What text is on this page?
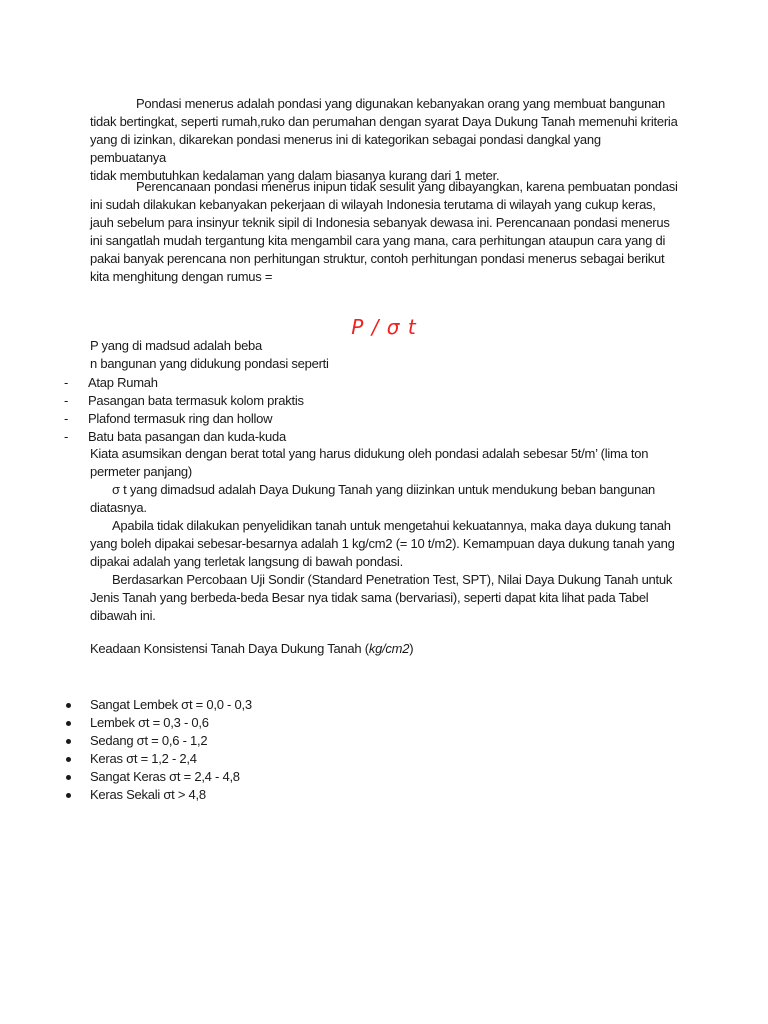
Pondasi menerus adalah pondasi yang digunakan kebanyakan orang yang membuat bangunan
tidak bertingkat, seperti rumah,ruko dan perumahan dengan syarat Daya Dukung Tanah memenuhi kriteria
yang di izinkan, dikarekan pondasi menerus ini di kategorikan sebagai pondasi dangkal yang pembuatanya
tidak membutuhkan kedalaman yang dalam biasanya kurang dari 1 meter.

Perencanaan pondasi menerus inipun tidak sesulit yang dibayangkan, karena pembuatan pondasi
ini sudah dilakukan kebanyakan pekerjaan di wilayah Indonesia terutama di wilayah yang cukup keras,
jauh sebelum para insinyur teknik sipil di Indonesia sebanyak dewasa ini. Perencanaan pondasi menerus
ini sangatlah mudah tergantung kita mengambil cara yang mana, cara perhitungan ataupun cara yang di
pakai banyak perencana non perhitungan struktur, contoh perhitungan pondasi menerus sebagai berikut
kita menghitung dengan rumus =

P / σ t

P yang di madsud adalah beba

n bangunan yang didukung pondasi seperti

-	Atap Rumah
-	Pasangan bata termasuk kolom praktis
-	Plafond termasuk ring dan hollow
-	Batu bata pasangan dan kuda-kuda

Kiata asumsikan dengan berat total yang harus didukung oleh pondasi adalah sebesar 5t/m’ (lima ton

permeter panjang)

σ t yang dimadsud adalah Daya Dukung Tanah yang diizinkan untuk mendukung beban bangunan

diatasnya.

Apabila tidak dilakukan penyelidikan tanah untuk mengetahui kekuatannya, maka daya dukung tanah

yang boleh dipakai sebesar-besarnya adalah 1 kg/cm2 (= 10 t/m2). Kemampuan daya dukung tanah yang

dipakai adalah yang terletak langsung di bawah pondasi.

Berdasarkan Percobaan Uji Sondir (Standard Penetration Test, SPT), Nilai Daya Dukung Tanah untuk

Jenis Tanah yang berbeda-beda Besar nya tidak sama (bervariasi), seperti dapat kita lihat pada Tabel

dibawah ini.

Keadaan Konsistensi Tanah Daya Dukung Tanah (kg/cm2)

Sangat Lembek σt = 0,0 - 0,3
Lembek σt = 0,3 - 0,6
Sedang σt = 0,6 - 1,2
Keras σt = 1,2 - 2,4
Sangat Keras σt = 2,4 - 4,8
Keras Sekali σt > 4,8
